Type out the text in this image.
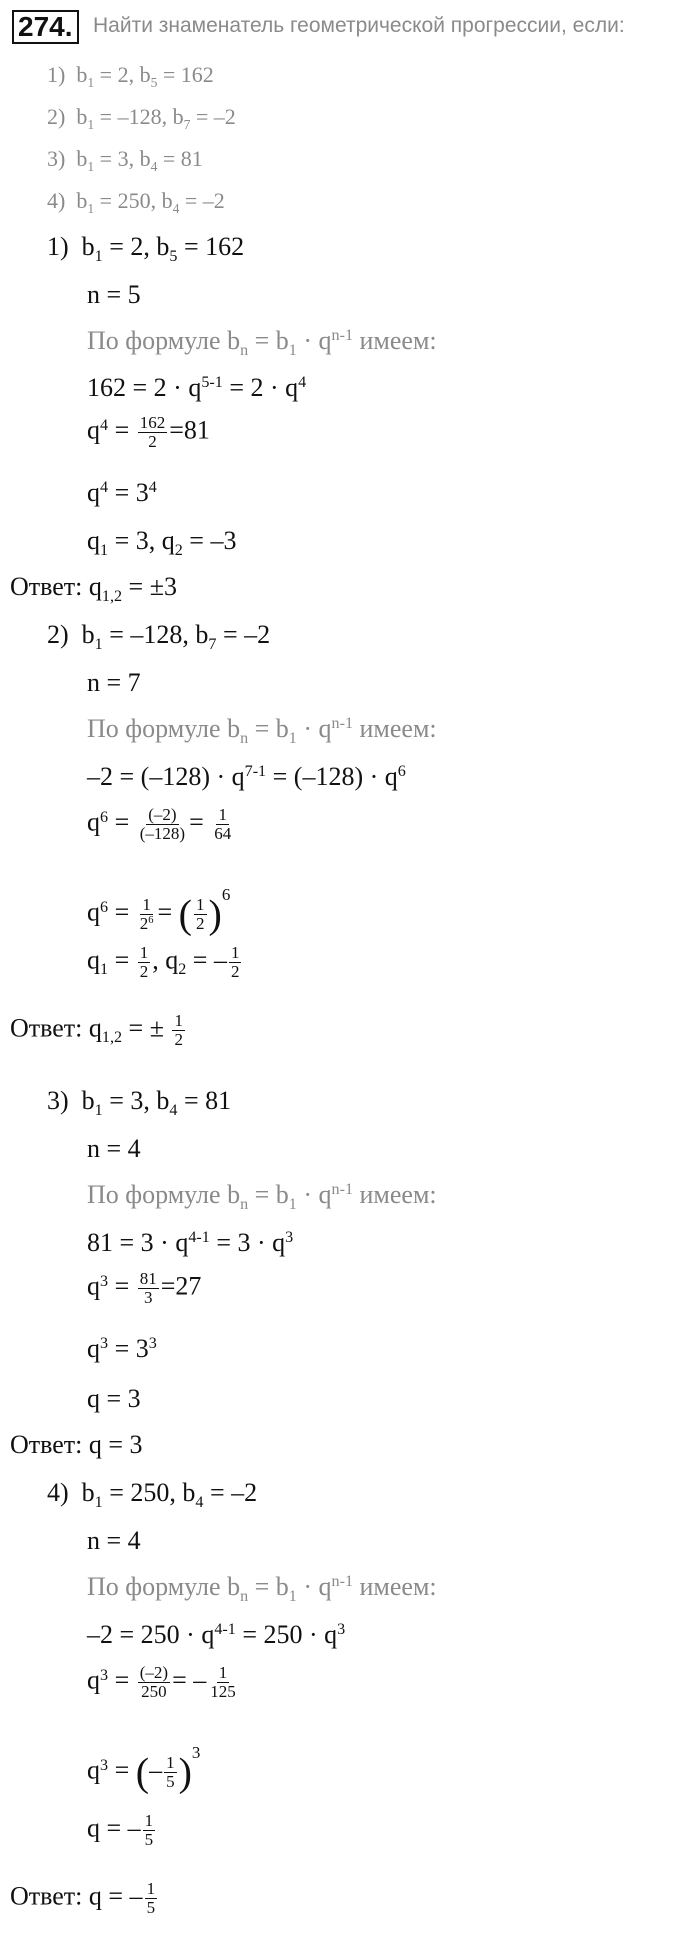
274. Найти знаменатель геометрической прогрессии, если:
1)  $b_1 = 2$, $b_5 = 162$
2)  $b_1 = -128$, $b_7 = -2$
3)  $b_1 = 3$, $b_4 = 81$
4)  $b_1 = 250$, $b_4 = -2$
1)  $b_1 = 2$, $b_5 = 162$
n = 5
По формуле $b_n = b_1 \cdot q^{n-1}$ имеем:
$162 = 2 \cdot q^{5-1} = 2 \cdot q^4$
$q^4 = \frac{162}{2} =81$
$q^4 = 3^4$
$q_1 = 3$, $q_2 = -3$
Ответ: $q_{1,2} = \pm 3$
2)  $b_1 = -128$, $b_7 = -2$
n = 7
По формуле $b_n = b_1 \cdot q^{n-1}$ имеем:
$-2 = (-128) \cdot q^{7-1} = (-128) \cdot q^6$
$q^6 = \frac{(-2)}{(-128)} = \frac{1}{64}$
$q^6 = \frac{1}{2^6}$ = ( $\frac{1}{2} )^6$
$q_1 = \frac{1}{2}$ , $q_2$ = – $\frac{1}{2}$
Ответ: $q_{1,2}$ = ± $\frac{1}{2}$
3)  $b_1 = 3$, $b_4 = 81$
n = 4
По формуле $b_n = b_1 \cdot q^{n-1}$ имеем:
$81 = 3 \cdot q^{4-1} = 3 \cdot q^3$
$q^3 = \frac{81}{3} =27$
$q^3 = 3^3$
q = 3
Ответ: q = 3
4)  $b_1 = 250$, $b_4 = -2$
n = 4
По формуле $b_n = b_1 \cdot q^{n-1}$ имеем:
$-2 = 250 \cdot q^{4-1} = 250 \cdot q^3$
$q^3 = \frac{(-2)}{250}$ = – $\frac{1}{125}$
$q^3$ = (– $\frac{1}{5} )^3$
q = – $\frac{1}{5}$
Ответ: q = – $\frac{1}{5}$
